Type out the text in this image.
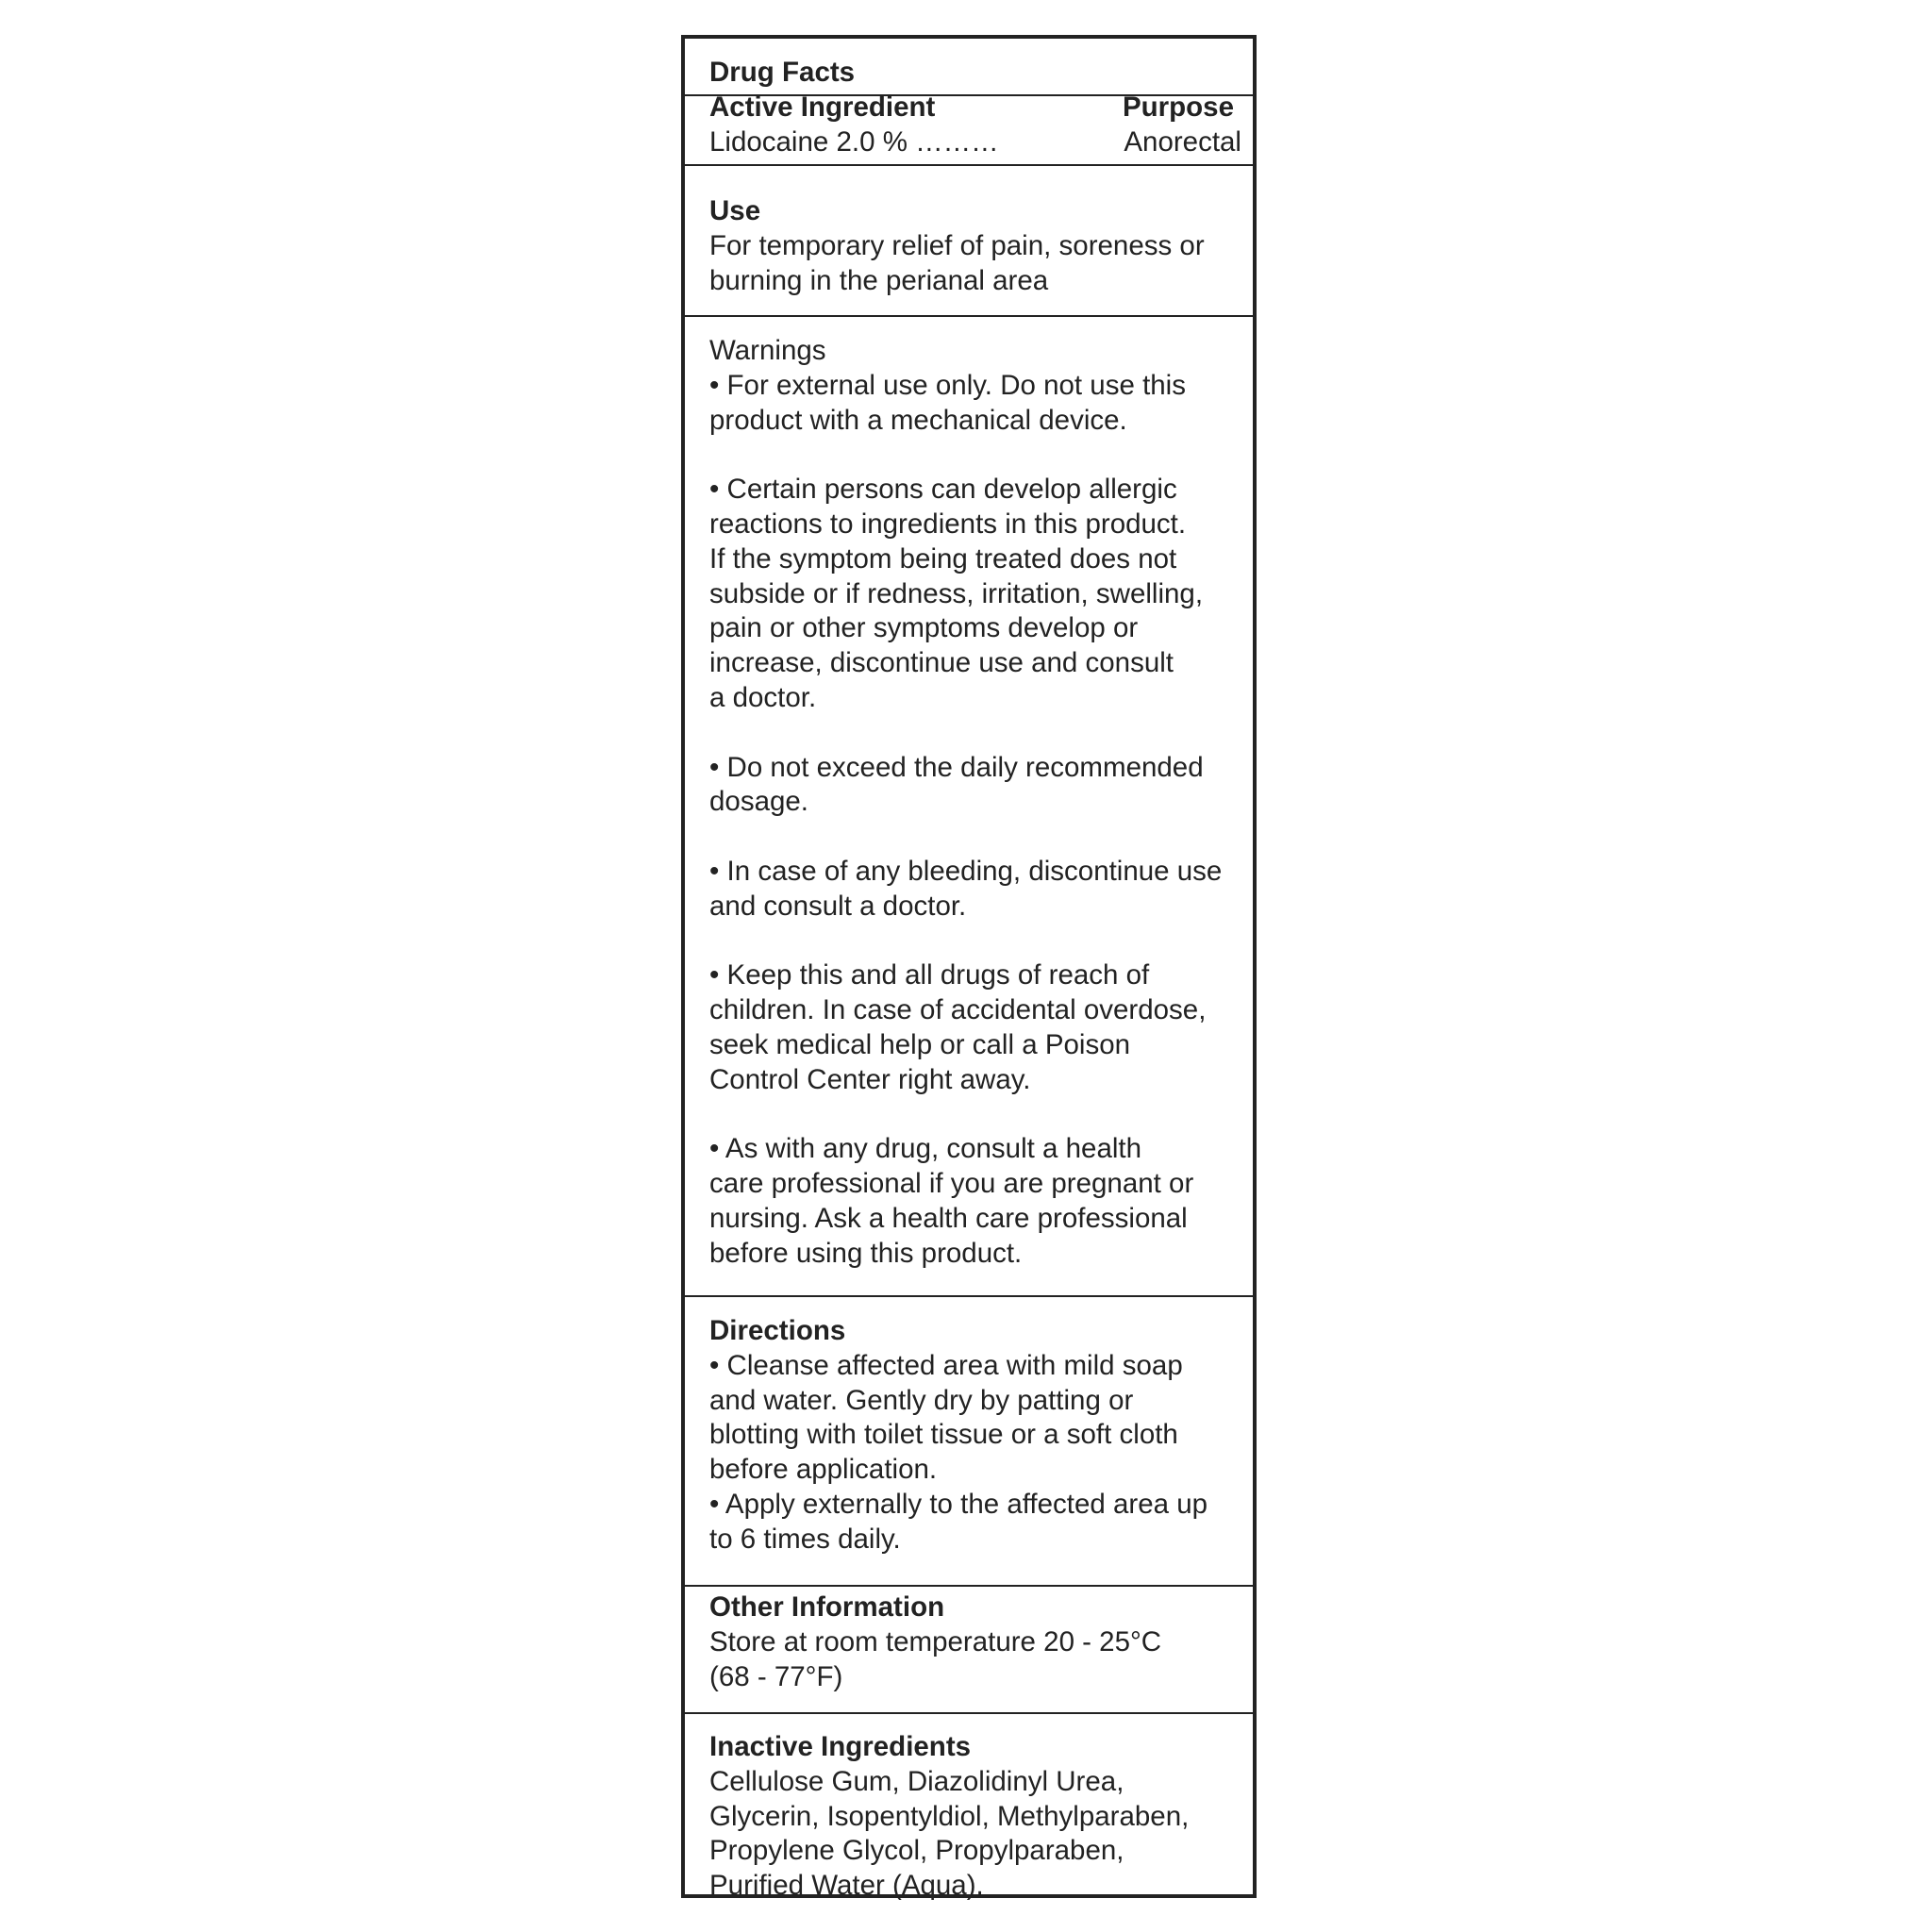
Drug Facts

Active Ingredient	Purpose
Lidocaine 2.0 % ………	Anorectal

Use

For temporary relief of pain, soreness or

burning in the perianal area

Warnings

• For external use only. Do not use this

product with a mechanical device.

• Certain persons can develop allergic

reactions to ingredients in this product.

If the symptom being treated does not

subside or if redness, irritation, swelling,

pain or other symptoms develop or

increase, discontinue use and consult

a doctor.

• Do not exceed the daily recommended

dosage.

• In case of any bleeding, discontinue use

and consult a doctor.

• Keep this and all drugs of reach of

children. In case of accidental overdose,

seek medical help or call a Poison

Control Center right away.

• As with any drug, consult a health

care professional if you are pregnant or

nursing. Ask a health care professional

before using this product.

Directions

• Cleanse affected area with mild soap

and water. Gently dry by patting or

blotting with toilet tissue or a soft cloth

before application.

• Apply externally to the affected area up

to 6 times daily.

Other Information

Store at room temperature 20 - 25°C

(68 - 77°F)

Inactive Ingredients

Cellulose Gum, Diazolidinyl Urea,

Glycerin, Isopentyldiol, Methylparaben,

Propylene Glycol, Propylparaben,

Purified Water (Aqua).
